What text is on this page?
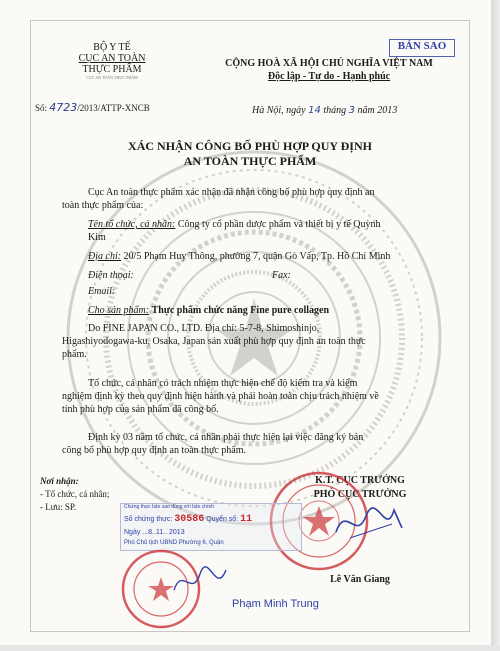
BỘ Y TẾ
CỤC AN TOÀN
THỰC PHẨM
CỤC AN TOÀN THỰC PHẨM
Số: 4723/2013/ATTP-XNCB
CỘNG HOÀ XÃ HỘI CHỦ NGHĨA VIỆT NAM
Độc lập - Tự do - Hạnh phúc
BẢN SAO
Hà Nội, ngày 14 tháng 3 năm 2013
XÁC NHẬN CÔNG BỐ PHÙ HỢP QUY ĐỊNH
AN TOÀN THỰC PHẨM
Cục An toàn thực phẩm xác nhận đã nhận công bố phù hợp quy định an
toàn thực phẩm của:
Tên tổ chức, cá nhân: Công ty cổ phần dược phẩm và thiết bị y tế Quỳnh
Kim
Địa chỉ: 20/5 Phạm Huy Thông, phường 7, quận Gò Vấp, Tp. Hồ Chí Minh
Điện thoại:	Fax:
Email:
Cho sản phẩm: Thực phẩm chức năng Fine pure collagen
Do FINE JAPAN CO., LTD. Địa chỉ: 5-7-8, Shimoshinjo,
Higashiyodogawa-ku, Osaka, Japan sản xuất phù hợp quy định an toàn thực
phẩm.
Tổ chức, cá nhân có trách nhiệm thực hiện chế độ kiểm tra và kiểm
nghiệm định kỳ theo quy định hiện hành và phải hoàn toàn chịu trách nhiệm về
tính phù hợp của sản phẩm đã công bố.
Định kỳ 03 năm tổ chức, cá nhân phải thực hiện lại việc đăng ký bản
công bố phù hợp quy định an toàn thực phẩm.
Nơi nhận:
- Tổ chức, cá nhân;
- Lưu: SP.
K.T. CỤC TRƯỞNG
PHÓ CỤC TRƯỞNG
Lê Văn Giang
Chứng thực bản sao đúng với bản chính
Số chứng thực: 30586 Quyển số: 11
Ngày ...8..11.. 2013
Phó Chủ tịch UBND Phường 6, Quận
Phạm Minh Trung
